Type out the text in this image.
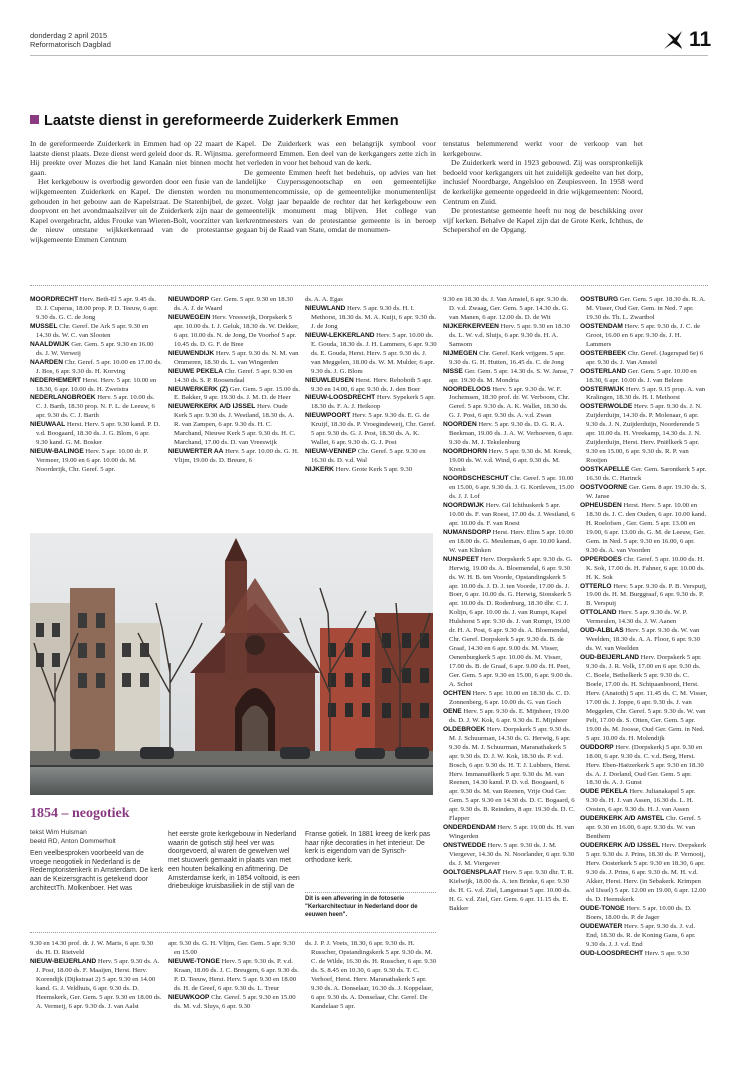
donderdag 2 april 2015
Reformatorisch Dagblad	11
Laatste dienst in gereformeerde Zuiderkerk Emmen

In de gereformeerde Zuiderkerk in Emmen had op 22 maart de laatste dienst plaats. Deze dienst werd geleid door ds. R. Wijnsma. Hij preekte over Mozes die het land Kanaän niet binnen mocht gaan.

Het kerkgebouw is overbodig geworden door een fusie van de wijkgemeenten Zuiderkerk en Kapel. De diensten worden nu gehouden in het gebouw aan de Kapelstraat. De Statenbijbel, de doopvont en het avondmaalszilver uit de Zuiderkerk zijn naar de Kapel overgebracht, aldus Frouke van Wieren-Bolt, voorzitter van de nieuw ontstane wijkkerkenraad van de protestantse wijkgemeente Emmen Centrum

Kapel. De Zuiderkerk was een belangrijk symbool voor gereformeerd Emmen. Een deel van de kerkgangers zette zich in het verleden in voor het behoud van de kerk.

De gemeente Emmen heeft het bedehuis, op advies van het landelijke Cuyperssgenootschap en een gemeentelijke monumentencommissie, op de gemeentelijke monumentenlijst gezet. Volgt jaar bepaalde de rechter dat het kerkgebouw een gemeentelijk monument mag blijven. Het college van kerkrentmeesters van de protestantse gemeente is in beroep gegaan bij de Raad van State, omdat de monumen-

tenstatus belemmerend werkt voor de verkoop van het kerkgebouw.

De Zuiderkerk werd in 1923 gebouwd. Zij was oorspronkelijk bedoeld voor kerkgangers uit het zuidelijk gedeelte van het dorp, inclusief Noordbarge, Angelsloo en Zeupiesveen. In 1958 werd de kerkelijke gemeente opgedeeld in drie wijkgemeenten: Noord, Centrum en Zuid.

De protestantse gemeente heeft nu nog de beschikking over vijf kerken. Behalve de Kapel zijn dat de Grote Kerk, Ichthus, de Schepershof en de Opgang.

MOORDRECHT Herv. Beth-El 5 apr. 9.45 ds. D. J. Cuperus, 18.00 prop. P. D. Teeuw, 6 apr. 9.30 ds. G. C. de Jong

MUSSEL Chr. Geref. De Ark 5 apr. 9.30 en 14.30 ds. W. C. van Slooten

NAALDWIJK Ger. Gem. 5 apr. 9.30 en 16.00 ds. J. W. Verweij

NAARDEN Chr. Geref. 5 apr. 10.00 en 17.00 ds. J. Bos, 6 apr. 9.30 ds. H. Korving

NEDERHEMERT Herst. Herv. 5 apr. 10.00 en 18.30, 6 apr. 10.00 ds. H. Zweistra

NEDERLANGBROEK Herv. 5 apr. 10.00 ds. C. J. Barth, 18.30 prop. N. F. L. de Leeuw, 6 apr. 9.30 ds. C. J. Barth

NIEUWAAL Herst. Herv. 5 apr. 9.30 kand. P. D. v.d. Boogaard, 18.30 ds. J. G. Blom, 6 apr. 9.30 kand. G. M. Bosker

NIEUW-BALINGE Herv. 5 apr. 10.00 dr. P. Vermeer, 19.00 en 6 apr. 10.00 ds. M. Noorderijk, Chr. Geref. 5 apr.

NIEUWDORP Ger. Gem. 5 apr. 9.30 en 18.30 ds. A. J. de Waard

NIEUWEGEIN Herv. Vreeswijk, Dorpskerk 5 apr. 10.00 ds. I. J. Geluk, 18.30 ds. W. Dekker, 6 apr. 10.00 ds. N. de Jong, De Voorhof 5 apr. 10.45 ds. D. G. F. de Bree

NIEUWENDIJK Herv. 5 apr. 9.30 ds. N. M. van Ommeren, 18.30 ds. L. van Wingerden

NIEUWE PEKELA Chr. Geref. 5 apr. 9.30 en 14.30 ds. S. P. Roosendaal

NIEUWERKERK (Z) Ger. Gem. 5 apr. 15.00 ds. E. Bakker, 9 apr. 19.30 ds. J. M. D. de Heer

NIEUWERKERK A/D IJSSEL Herv. Oude Kerk 5 apr. 9.30 ds. J. Westland, 18.30 ds. A. R. van Zampen, 6 apr. 9.30 ds. H. C. Marchand, Nieuwe Kerk 5 apr. 9.30 ds. H. C. Marchand, 17.00 ds. D. van Vreeswijk

NIEUWERTER AA Herv. 5 apr. 10.00 ds. G. H. Vlijm, 19.00 ds. D. Breure, 6

ds. A. A. Egas

NIEUWLAND Herv. 5 apr. 9.30 ds. H. I. Methorst, 18.30 ds. M. A. Kuijt, 6 apr. 9.30 ds. J. de Jong

NIEUW-LEKKERLAND Herv. 5 apr. 10.00 ds. E. Gouda, 18.30 ds. J. H. Lammers, 6 apr. 9.30 ds. E. Gouda, Herst. Herv. 5 apr. 9.30 ds. J. van Meggelen, 18.00 ds. W. M. Mulder, 6 apr. 9.30 ds. J. G. Blom

NIEUWLEUSEN Herst. Herv. Rehoboth 5 apr. 9.30 en 14.00, 6 apr. 9.30 ds. J. den Boer

NIEUW-LOOSDRECHT Herv. Sypekerk 5 apr. 18.30 ds. F. A. J. Heikoop

NIEUWPOORT Herv. 5 apr. 9.30 ds. E. G. de Kruijf, 18.30 ds. P. Vroegindeweij, Chr. Geref. 5 apr. 9.30 ds. G. J. Post, 18.30 ds. A. K. Wallet, 6 apr. 9.30 ds. G. J. Post

NIEUW-VENNEP Chr. Geref. 5 apr. 9.30 en 16.30 ds. D. v.d. Wal

NIJKERK Herv. Grote Kerk 5 apr. 9.30

9.30 en 18.30 ds. J. Van Amstel, 6 apr. 9.30 ds. D. v.d. Zwaag, Ger. Gem. 5 apr. 14.30 ds. G. van Manen, 6 apr. 12.00 ds. D. de Wit

NIJKERKERVEEN Herv. 5 apr. 9.30 en 18.30 ds. L. W. v.d. Sluijs, 6 apr. 9.30 ds. H. A. Samsom

NIJMEGEN Chr. Geref. Kerk vrijgem. 5 apr. 9.30 ds. G. H. Hutten, 16.45 ds. C. de Jong

NISSE Ger. Gem. 5 apr. 14.30 ds. S. W. Janse, 7 apr. 19.30 ds. M. Mondria

NOORDELOOS Herv. 5 apr. 9.30 ds. W. F. Jochemsen, 18.30 prof. dr. W. Verboom, Chr. Geref. 5 apr. 9.30 ds. A. K. Wallet, 18.30 ds. G. J. Post, 6 apr. 9.30 ds. A. v.d. Zwan

NOORDEN Herv. 5 apr. 9.30 ds. D. G. R. A. Beekman, 19.00 ds. J. A. W. Verhoeven, 6 apr. 9.30 ds. M. J. Tekelenburg

NOORDHORN Herv. 5 apr. 9.30 ds. M. Kreuk, 19.00 ds. W. v.d. Wind, 6 apr. 9.30 ds. M. Kreuk

NOORDSCHESCHUT Chr. Geref. 5 apr. 10.00 en 15.00, 6 apr. 9.30 ds. J. G. Kortleven, 15.00 ds. J. J. Lof

NOORDWIJK Herv. Gil Ichthuskerk 5 apr. 10.00 ds. F. van Roest, 17.00 ds. J. Westland, 6 apr. 10.00 ds. F. van Roest

NUMANSDORP Herst. Herv. Elim 5 apr. 10.00 en 18.00 ds. G. Meuleman, 6 apr. 10.00 kand. W. van Klinken

NUNSPEET Herv. Dorpskerk 5 apr. 9.30 ds. G. Herwig, 19.00 ds. A. Bloemendal, 6 apr. 9.30 ds. W. H. B. ten Voorde, Opstandingskerk 5 apr. 10.00 ds. J. D. J. ten Voorde, 17.00 ds. J. Boer, 6 apr. 10.00 ds. G. Herwig, Sionskerk 5 apr. 10.00 ds. D. Rodenburg, 18.30 dhr. C. J. Kolijn, 6 apr. 10.00 ds. J. van Rumpt, Kapel Hulshorst 5 apr. 9.30 ds. J. van Rumpt, 19.00 dr. H. A. Post, 6 apr. 9.30 ds. A. Bloemendal, Chr. Geref. Dorpskerk 5 apr. 9.30 ds. B. de Graaf, 14.30 en 6 apr. 9.00 ds. M. Visser, Oenenburgkerk 5 apr. 10.00 ds. M. Visser, 17.00 ds. B. de Graaf, 6 apr. 9.00 ds. H. Peet, Ger. Gem. 5 apr. 9.30 en 15.00, 6 apr. 9.00 ds. A. Schot

OCHTEN Herv. 5 apr. 10.00 en 18.30 ds. C. D. Zonnenberg, 6 apr. 10.00 ds. G. van Goch

OENE Herv. 5 apr. 9.30 ds. E. Mijnheer, 19.00 ds. D. J. W. Kok, 6 apr. 9.30 ds. E. Mijnheer

OLDEBROEK Herv. Dorpskerk 5 apr. 9.30 ds. M. J. Schuurman, 14.30 ds. G. Herwig, 6 apr. 9.30 ds. M. J. Schuurman, Maranathakerk 5 apr. 9.30 ds. D. J. W. Kok, 18.30 ds. P. v.d. Bosch, 6 apr. 9.30 ds. H. T. J. Lubbers, Herst. Herv. Immanuëlkerk 5 apr. 9.30 ds. M. van Reenen, 14.30 kand. P. D. v.d. Boogaard, 6 apr. 9.30 ds. M. van Reenen, Vrije Oud Ger. Gem. 5 apr. 9.30 en 14.30 ds. D. C. Bogaard, 6 apr. 9.30 ds. B. Reinders, 8 apr. 19.30 ds. D. C. Flapper

ONDERDENDAM Herv. 5 apr. 19.00 ds. H. van Wingerden

ONSTWEDDE Herv. 5 apr. 9.30 ds. J. M. Viergever, 14.30 ds. N. Noorlander, 6 apr. 9.30 ds. J. M. Viergever

OOLTGENSPLAAT Herv. 5 apr. 9.30 dhr. T. R. Kielwijk, 18.00 ds. A. ten Brinke, 6 apr. 9.30 ds. H. G. v.d. Ziel, Langstraat 5 apr. 10.00 ds. H. G. v.d. Ziel, Ger. Gem. 6 apr. 11.15 ds. E. Bakker

OOSTBURG Ger. Gem. 5 apr. 18.30 ds. R. A. M. Visser, Oud Ger. Gem. in Ned. 7 apr. 19.30 ds. Th. L. Zwartbol

OOSTENDAM Herv. 5 apr. 9.30 ds. J. C. de Groot, 16.00 en 6 apr. 9.30 ds. J. H. Lammers

OOSTERBEEK Chr. Geref. (Jagerspad 6e) 6 apr. 9.30 ds. J. Van Amstel

OOSTERLAND Ger. Gem. 5 apr. 10.00 en 18.30, 6 apr. 10.00 ds. J. van Belzen

OOSTERWIJK Herv. 5 apr. 9.15 prop. A. van Kralingen, 18.30 ds. H. I. Methorst

OOSTERWOLDE Herv. 5 apr. 9.30 ds. J. N. Zuijderduijn, 14.30 ds. P. Molenaar, 6 apr. 9.30 ds. J. N. Zuijderduijn, Noorderende 5 apr. 10.00 ds. H. Vreekamp, 14.30 ds. J. N. Zuijderduijn, Herst. Herv. Pniëlkerk 5 apr. 9.30 en 15.00, 6 apr. 9.30 ds. R. P. van Rooijen

OOSTKAPELLE Ger. Gem. Sarontkerk 5 apr. 16.30 ds. C. Harinck

OOSTVOORNE Ger. Gem. 8 apr. 19.30 ds. S. W. Janse

OPHEUSDEN Herst. Herv. 5 apr. 10.00 en 18.30 ds. J. C. den Ouden, 6 apr. 10.00 kand. H. Roelofsen , Ger. Gem. 5 apr. 13.00 en 19.00, 6 apr. 13.00 ds. G. M. de Leeuw, Ger. Gem. in Ned. 5 apr. 9.30 en 16.00, 6 apr. 9.30 ds. A. van Voorden

OPPERDOES Chr. Geref. 5 apr. 10.00 ds. H. K. Sok, 17.00 ds. H. Fahner, 6 apr. 10.00 ds. H. K. Sok

OTTERLO Herv. 5 apr. 9.30 ds. P. B. Verspuij, 19.00 ds. H. M. Burggraaf, 6 apr. 9.30 ds. P. B. Verspuij

OTTOLAND Herv. 5 apr. 9.30 ds. W. P. Vermeulen, 14.30 ds. J. W. Aanen

OUD-ALBLAS Herv. 5 apr. 9.30 ds. W. van Weelden, 18.30 ds. A. A. Floor, 6 apr. 9.30 ds. W. van Weelden

OUD-BEIJERLAND Herv. Dorpskerk 5 apr. 9.30 ds. J. R. Volk, 17.00 en 6 apr. 9.30 ds. C. Boele, Bethelkerk 5 apr. 9.30 ds. C. Boele, 17.00 ds. H. Schipaanboord, Herst. Herv. (Anatoth) 5 apr. 11.45 ds. C. M. Visser, 17.00 ds. J. Joppe, 6 apr. 9.30 ds. J. van Meggelen, Chr. Geref. 5 apr. 9.30 ds. W. van Pelt, 17.00 ds. S. Otten, Ger. Gem. 5 apr. 19.00 ds. M. Joosse, Oud Ger. Gem. in Ned. 5 apr. 10.00 ds. H. Molendijk

OUDDORP Herv. (Dorpskerk) 5 apr. 9.30 en 18.00, 6 apr. 9.30 ds. C. v.d. Berg, Herst. Herv. Eben-Haëzerkerk 5 apr. 9.30 en 18.30 ds. A. J. Dorland, Oud Ger. Gem. 5 apr. 18.30 ds. A. J. Gunst

OUDE PEKELA Herv. Julianakapel 5 apr. 9.30 ds. H. J. van Assen, 16.30 ds. L. H. Oosten, 6 apr. 9.30 ds. H. J. van Assen

OUDERKERK A/D AMSTEL Chr. Geref. 5 apr. 9.30 en 16.00, 6 apr. 9.30 ds. W. van Benthem

OUDERKERK A/D IJSSEL Herv. Dorpskerk 5 apr. 9.30 ds. J. Prins, 18.30 ds. P. Vernooij, Herv. Oosterkerk 5 apr. 9.30 en 18.30, 6 apr. 9.30 ds. J. Prins, 6 apr. 9.30 ds. M. H. v.d. Akker, Herst. Herv. (in Sebakerk. Krimpen a/d IJssel) 5 apr. 12.00 en 19.00, 6 apr. 12.00 ds. D. Heemskerk

OUDE-TONGE Herv. 5 apr. 10.00 ds. D. Boers, 18.00 ds. P. de Jager

OUDEWATER Herv. 5 apr. 9.30 ds. J. v.d. End, 18.30 ds. R. de Koning Gans, 6 apr. 9.30 ds. J. J. v.d. End

OUD-LOOSDRECHT Herv. 5 apr. 9.30

1854 – neogotiek
tekst Wim Hulsman
beeld RD, Anton Dommerholt
Een veelbesproken voorbeeld van de vroege neogotiek in Nederland is de Redemptoristenkerk in Amsterdam. De kerk aan de Keizersgracht is getekend door architectTh. Molkenboer. Het was
het eerste grote kerkgebouw in Nederland waarin de gotisch stijl heel ver was doorgevoerd, al waren de gewelven wel met stucwerk gemaakt in plaats van met een houten bekalking en afitmering. De Amsterdamse kerk, in 1854 voltooid, is een driebeukige kruisbasiliek in de stijl van de
Franse gotiek. In 1881 kreeg de kerk pas haar rijke decoraties in het interieur. De kerk is eigendom van de Syrisch-orthodoxe kerk.
Dit is een aflevering in de fotoserie "Kerkarchitectuur in Nederland door de eeuwen heen".

9.30 en 14.30 prof. dr. J. W. Maris, 6 apr. 9.30 ds. H. D. Rietveld

NIEUW-BEIJERLAND Herv. 5 apr. 9.30 ds. A. J. Post, 18.00 ds. F. Maaijen, Herst. Herv. Korendijk (Dijkstraat 2) 5 apr. 9.30 en 14.00 kand. G. J. Veldhuis, 6 apr. 9.30 ds. D. Heemskerk, Ger. Gem. 5 apr. 9.30 en 18.00 ds. A. Vermeij, 6 apr. 9.30 ds. J. van Aalst

apr. 9.30 ds. G. H. Vlijm, Ger. Gem. 5 apr. 9.30 en 15.00

NIEUWE-TONGE Herv. 5 apr. 9.30 ds. P. v.d. Kraan, 18.00 ds. J. C. Breugem, 6 apr. 9.30 ds. P. D. Teeuw, Herst. Herv. 5 apr. 9.30 en 18.00 ds. H. de Greef, 6 apr. 9.30 ds. L. Treur

NIEUWKOOP Chr. Geref. 5 apr. 9.30 en 15.00 ds. M. v.d. Sluys, 6 apr. 9.30

ds. J. P. J. Voets, 18.30, 6 apr. 9.30 ds. H. Russcher, Opstandingskerk 5 apr. 9.30 ds. M. C. de Wilde, 16.30 ds. H. Russcher, 6 apr. 9.30 ds. S. 8.45 en 10.30, 6 apr. 9.30 ds. T. C. Verhoef, Herst. Herv. Maranathakerk 5 apr. 9.30 ds. A. Donselaar, 16.30 ds. J. Koppelaar, 6 apr. 9.30 ds. A. Donselaar, Chr. Geref. De Kandelaar 5 apr.
